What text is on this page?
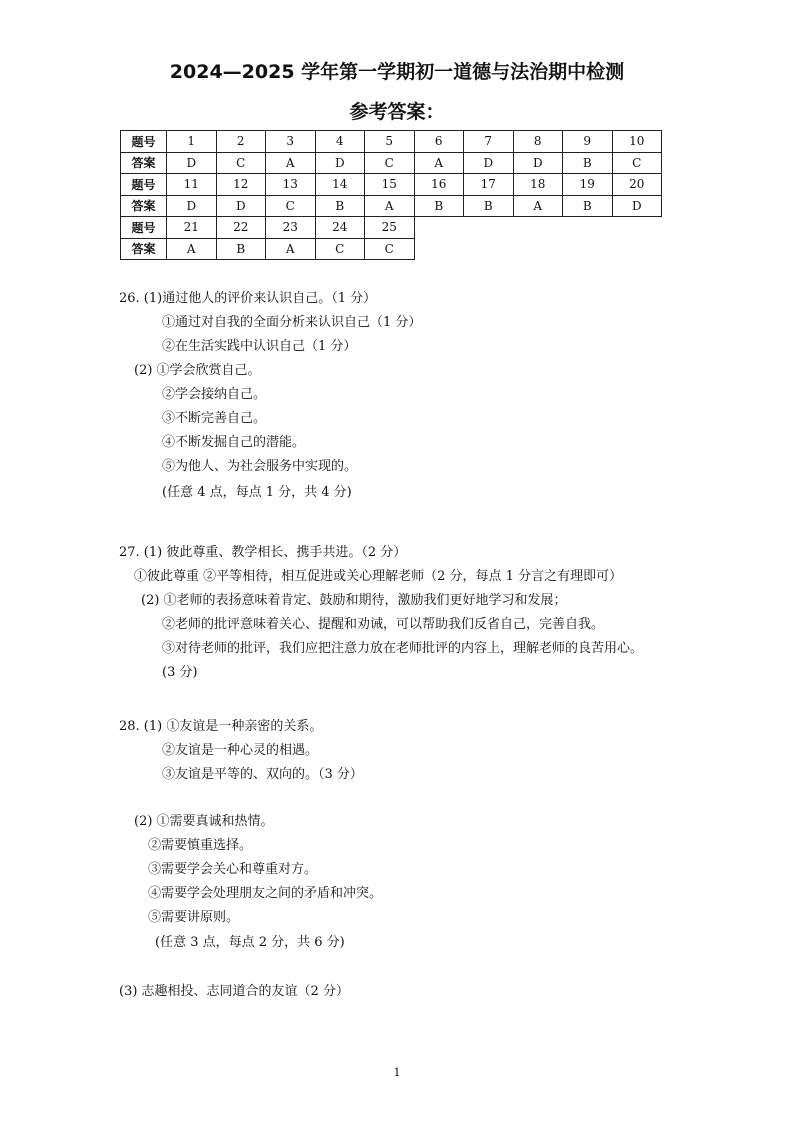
2024—2025 学年第一学期初一道德与法治期中检测
参考答案：
题号	1	2	3	4	5	6	7	8	9	10
答案	D	C	A	D	C	A	D	D	B	C
题号	11	12	13	14	15	16	17	18	19	20
答案	D	D	C	B	A	B	B	A	B	D
题号	21	22	23	24	25					
答案	A	B	A	C	C					
26. (1)通过他人的评价来认识自己。（1 分）
①通过对自我的全面分析来认识自己（1 分）
②在生活实践中认识自己（1 分）
(2) ①学会欣赏自己。
②学会接纳自己。
③不断完善自己。
④不断发掘自己的潜能。
⑤为他人、为社会服务中实现的。
(任意 4 点，每点 1 分，共 4 分)
27. (1) 彼此尊重、教学相长、携手共进。（2 分）
①彼此尊重 ②平等相待，相互促进或关心理解老师（2 分，每点 1 分言之有理即可）
(2) ①老师的表扬意味着肯定、鼓励和期待，激励我们更好地学习和发展；
②老师的批评意味着关心、提醒和劝诫，可以帮助我们反省自己，完善自我。
③对待老师的批评，我们应把注意力放在老师批评的内容上，理解老师的良苦用心。
(3 分)
28. (1) ①友谊是一种亲密的关系。
②友谊是一种心灵的相遇。
③友谊是平等的、双向的。（3 分）
(2) ①需要真诚和热情。
②需要慎重选择。
③需要学会关心和尊重对方。
④需要学会处理朋友之间的矛盾和冲突。
⑤需要讲原则。
(任意 3 点，每点 2 分，共 6 分)
(3) 志趣相投、志同道合的友谊（2 分）
1
